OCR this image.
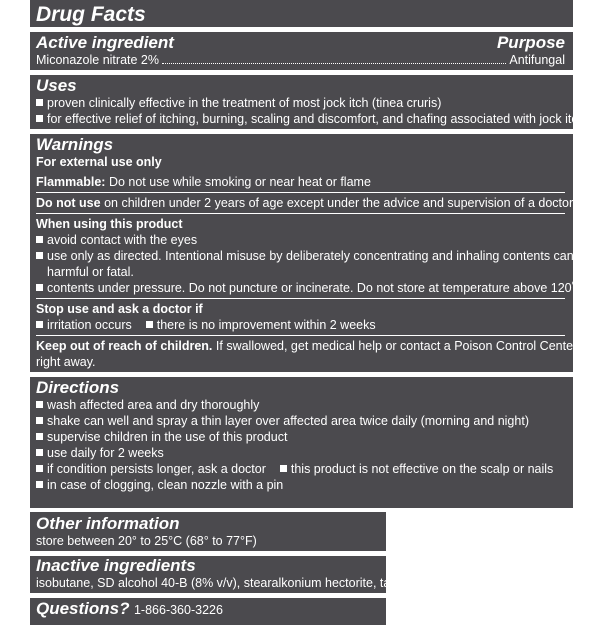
Drug Facts
Active ingredient	Purpose
Miconazole nitrate 2%	Antifungal
Uses
proven clinically effective in the treatment of most jock itch (tinea cruris)
for effective relief of itching, burning, scaling and discomfort, and chafing associated with jock itch
Warnings
For external use only
Flammable: Do not use while smoking or near heat or flame
Do not use on children under 2 years of age except under the advice and supervision of a doctor.
When using this product
avoid contact with the eyes
use only as directed. Intentional misuse by deliberately concentrating and inhaling contents can be
harmful or fatal.
contents under pressure. Do not puncture or incinerate. Do not store at temperature above 120˚F.
Stop use and ask a doctor if
irritation occurs there is no improvement within 2 weeks
Keep out of reach of children. If swallowed, get medical help or contact a Poison Control Center
right away.
Directions
wash affected area and dry thoroughly
shake can well and spray a thin layer over affected area twice daily (morning and night)
supervise children in the use of this product
use daily for 2 weeks
if condition persists longer, ask a doctor this product is not effective on the scalp or nails
in case of clogging, clean nozzle with a pin
Other information
store between 20° to 25°C (68° to 77°F)
Inactive ingredients
isobutane, SD alcohol 40-B (8% v/v), stearalkonium hectorite, talc
Questions? 1-866-360-3226
